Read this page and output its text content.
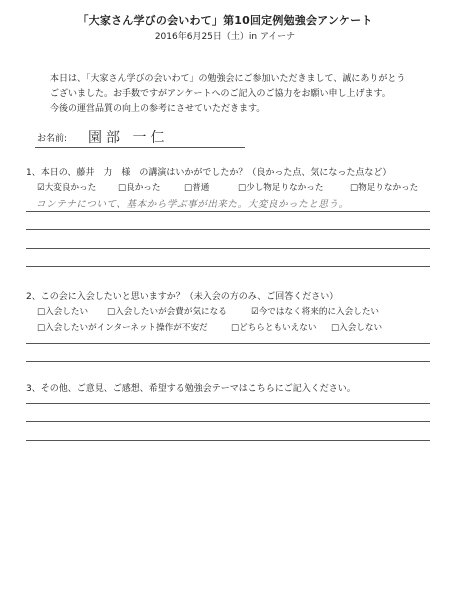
「大家さん学びの会いわて」第10回定例勉強会アンケート
2016年6月25日（土）in アイーナ
本日は、「大家さん学びの会いわて」の勉強会にご参加いただきまして、誠にありがとう
ございました。お手数ですがアンケートへのご記入のご協力をお願い申し上げます。
今後の運営品質の向上の参考にさせていただきます。
お名前: 園部 一仁
1、本日の、藤井　力　様　の講演はいかがでしたか？（良かった点、気になった点など）
☑大変良かった	□良かった	□普通	□少し物足りなかった	□物足りなかった
コンテナについて、基本から学ぶ事が出来た。大変良かったと思う。
2、この会に入会したいと思いますか？（未入会の方のみ、ご回答ください）
□入会したい □入会したいが会費が気になる	☑今ではなく将来的に入会したい
□入会したいがインターネット操作が不安だ	□どちらともいえない □入会しない
3、その他、ご意見、ご感想、希望する勉強会テーマはこちらにご記入ください。
